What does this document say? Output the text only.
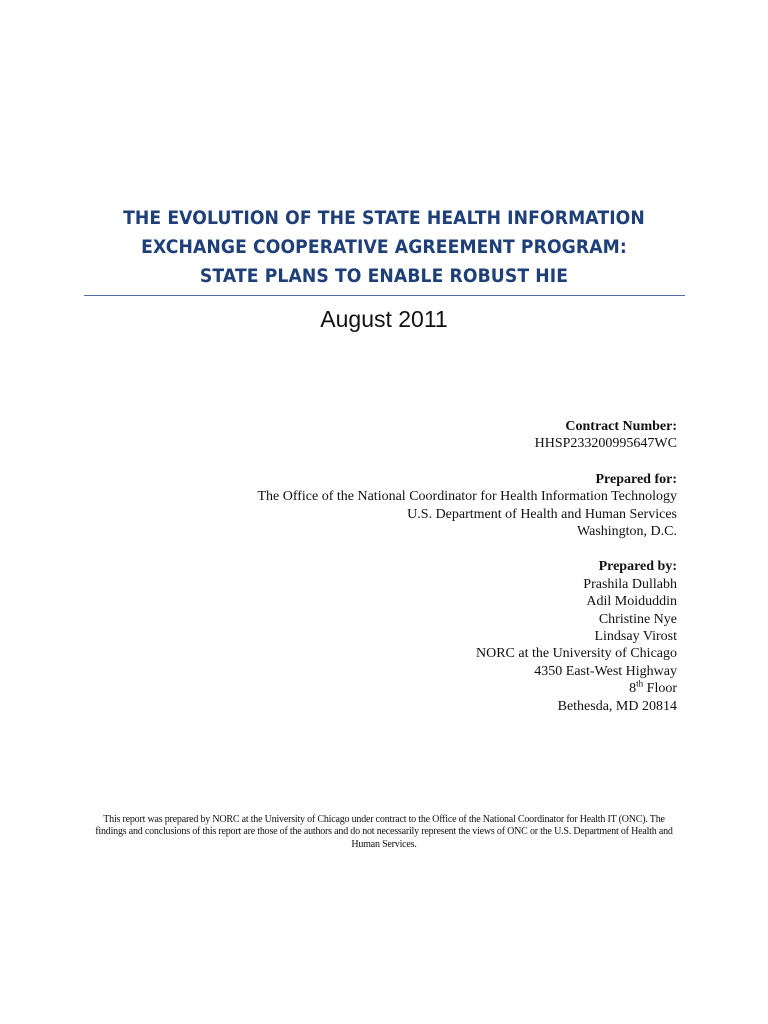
THE EVOLUTION OF THE STATE HEALTH INFORMATION
EXCHANGE COOPERATIVE AGREEMENT PROGRAM:
STATE PLANS TO ENABLE ROBUST HIE
August 2011
Contract Number:
HHSP233200995647WC
Prepared for:
The Office of the National Coordinator for Health Information Technology
U.S. Department of Health and Human Services
Washington, D.C.
Prepared by:
Prashila Dullabh
Adil Moiduddin
Christine Nye
Lindsay Virost
NORC at the University of Chicago
4350 East-West Highway
8th Floor
Bethesda, MD 20814
This report was prepared by NORC at the University of Chicago under contract to the Office of the National Coordinator for Health IT (ONC). The findings and conclusions of this report are those of the authors and do not necessarily represent the views of ONC or the U.S. Department of Health and Human Services.
